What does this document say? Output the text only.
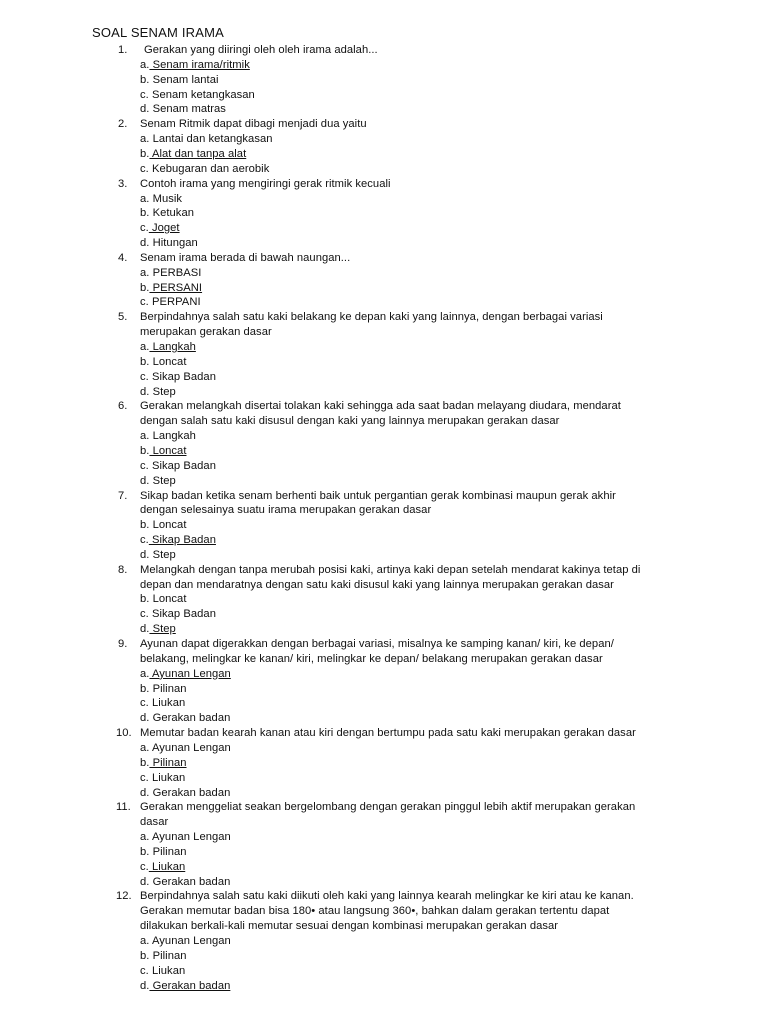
SOAL SENAM IRAMA
1. Gerakan yang diiringi oleh oleh irama adalah...
a. Senam irama/ritmik
b. Senam lantai
c. Senam ketangkasan
d. Senam matras
2. Senam Ritmik dapat dibagi menjadi dua yaitu
a. Lantai dan ketangkasan
b. Alat dan tanpa alat
c. Kebugaran dan aerobik
3. Contoh irama yang mengiringi gerak ritmik kecuali
a. Musik
b. Ketukan
c. Joget
d. Hitungan
4. Senam irama berada di bawah naungan...
a. PERBASI
b. PERSANI
c. PERPANI
5. Berpindahnya salah satu kaki belakang ke depan kaki yang lainnya, dengan berbagai variasi
merupakan gerakan dasar
a. Langkah
b. Loncat
c. Sikap Badan
d. Step
6. Gerakan melangkah disertai tolakan kaki sehingga ada saat badan melayang diudara, mendarat
dengan salah satu kaki disusul dengan kaki yang lainnya merupakan gerakan dasar
a. Langkah
b. Loncat
c. Sikap Badan
d. Step
7. Sikap badan ketika senam berhenti baik untuk pergantian gerak kombinasi maupun gerak akhir
dengan selesainya suatu irama merupakan gerakan dasar
b. Loncat
c. Sikap Badan
d. Step
8. Melangkah dengan tanpa merubah posisi kaki, artinya kaki depan setelah mendarat kakinya tetap di
depan dan mendaratnya dengan satu kaki disusul kaki yang lainnya merupakan gerakan dasar
b. Loncat
c. Sikap Badan
d. Step
9. Ayunan dapat digerakkan dengan berbagai variasi, misalnya ke samping kanan/ kiri, ke depan/
belakang, melingkar ke kanan/ kiri, melingkar ke depan/ belakang merupakan gerakan dasar
a. Ayunan Lengan
b. Pilinan
c. Liukan
d. Gerakan badan
10. Memutar badan kearah kanan atau kiri dengan bertumpu pada satu kaki merupakan gerakan dasar
a. Ayunan Lengan
b. Pilinan
c. Liukan
d. Gerakan badan
11. Gerakan menggeliat seakan bergelombang dengan gerakan pinggul lebih aktif merupakan gerakan
dasar
a. Ayunan Lengan
b. Pilinan
c. Liukan
d. Gerakan badan
12. Berpindahnya salah satu kaki diikuti oleh kaki yang lainnya kearah melingkar ke kiri atau ke kanan.
Gerakan memutar badan bisa 180• atau langsung 360•, bahkan dalam gerakan tertentu dapat
dilakukan berkali-kali memutar sesuai dengan kombinasi merupakan gerakan dasar
a. Ayunan Lengan
b. Pilinan
c. Liukan
d. Gerakan badan
